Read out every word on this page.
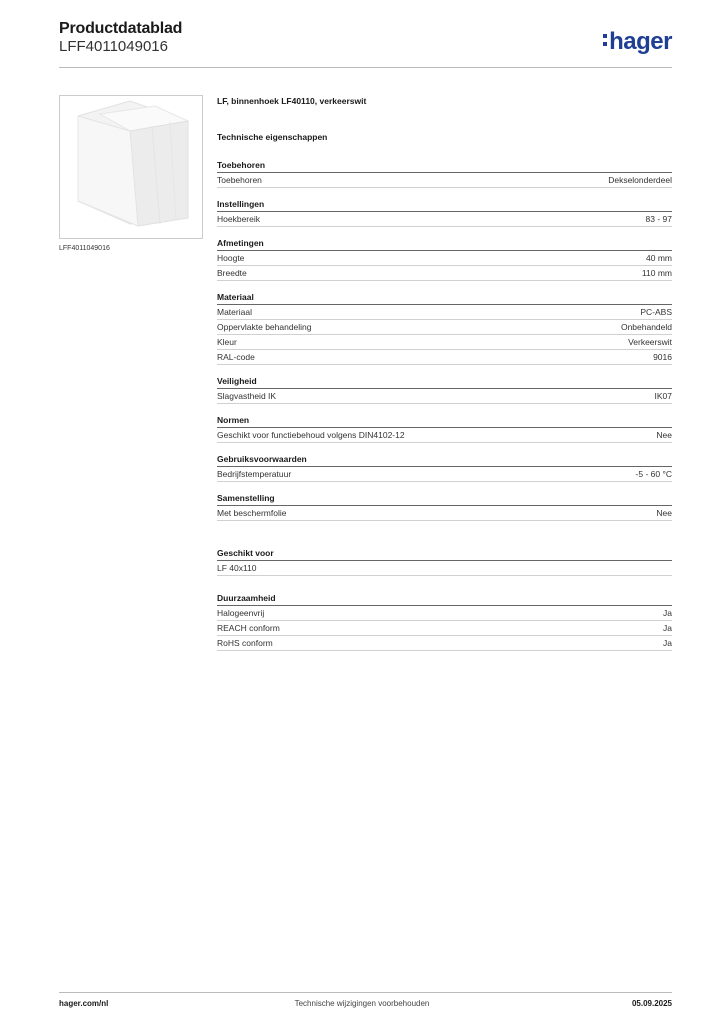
Productdatablad
LFF4011049016	hager
LFF4011049016
LF, binnenhoek LF40110, verkeerswit
Technische eigenschappen
Toebehoren
Toebehoren	Dekselonderdeel
Instellingen
Hoekbereik	83 - 97
Afmetingen
Hoogte	40 mm
Breedte	110 mm
Materiaal
Materiaal	PC-ABS
Oppervlakte behandeling	Onbehandeld
Kleur	Verkeerswit
RAL-code	9016
Veiligheid
Slagvastheid IK	IK07
Normen
Geschikt voor functiebehoud volgens DIN4102-12	Nee
Gebruiksvoorwaarden
Bedrijfstemperatuur	-5 - 60 °C
Samenstelling
Met beschermfolie	Nee
Geschikt voor
LF 40x110
Duurzaamheid
Halogeenvrij	Ja
REACH conform	Ja
RoHS conform	Ja
hager.com/nl	Technische wijzigingen voorbehouden	05.09.2025
